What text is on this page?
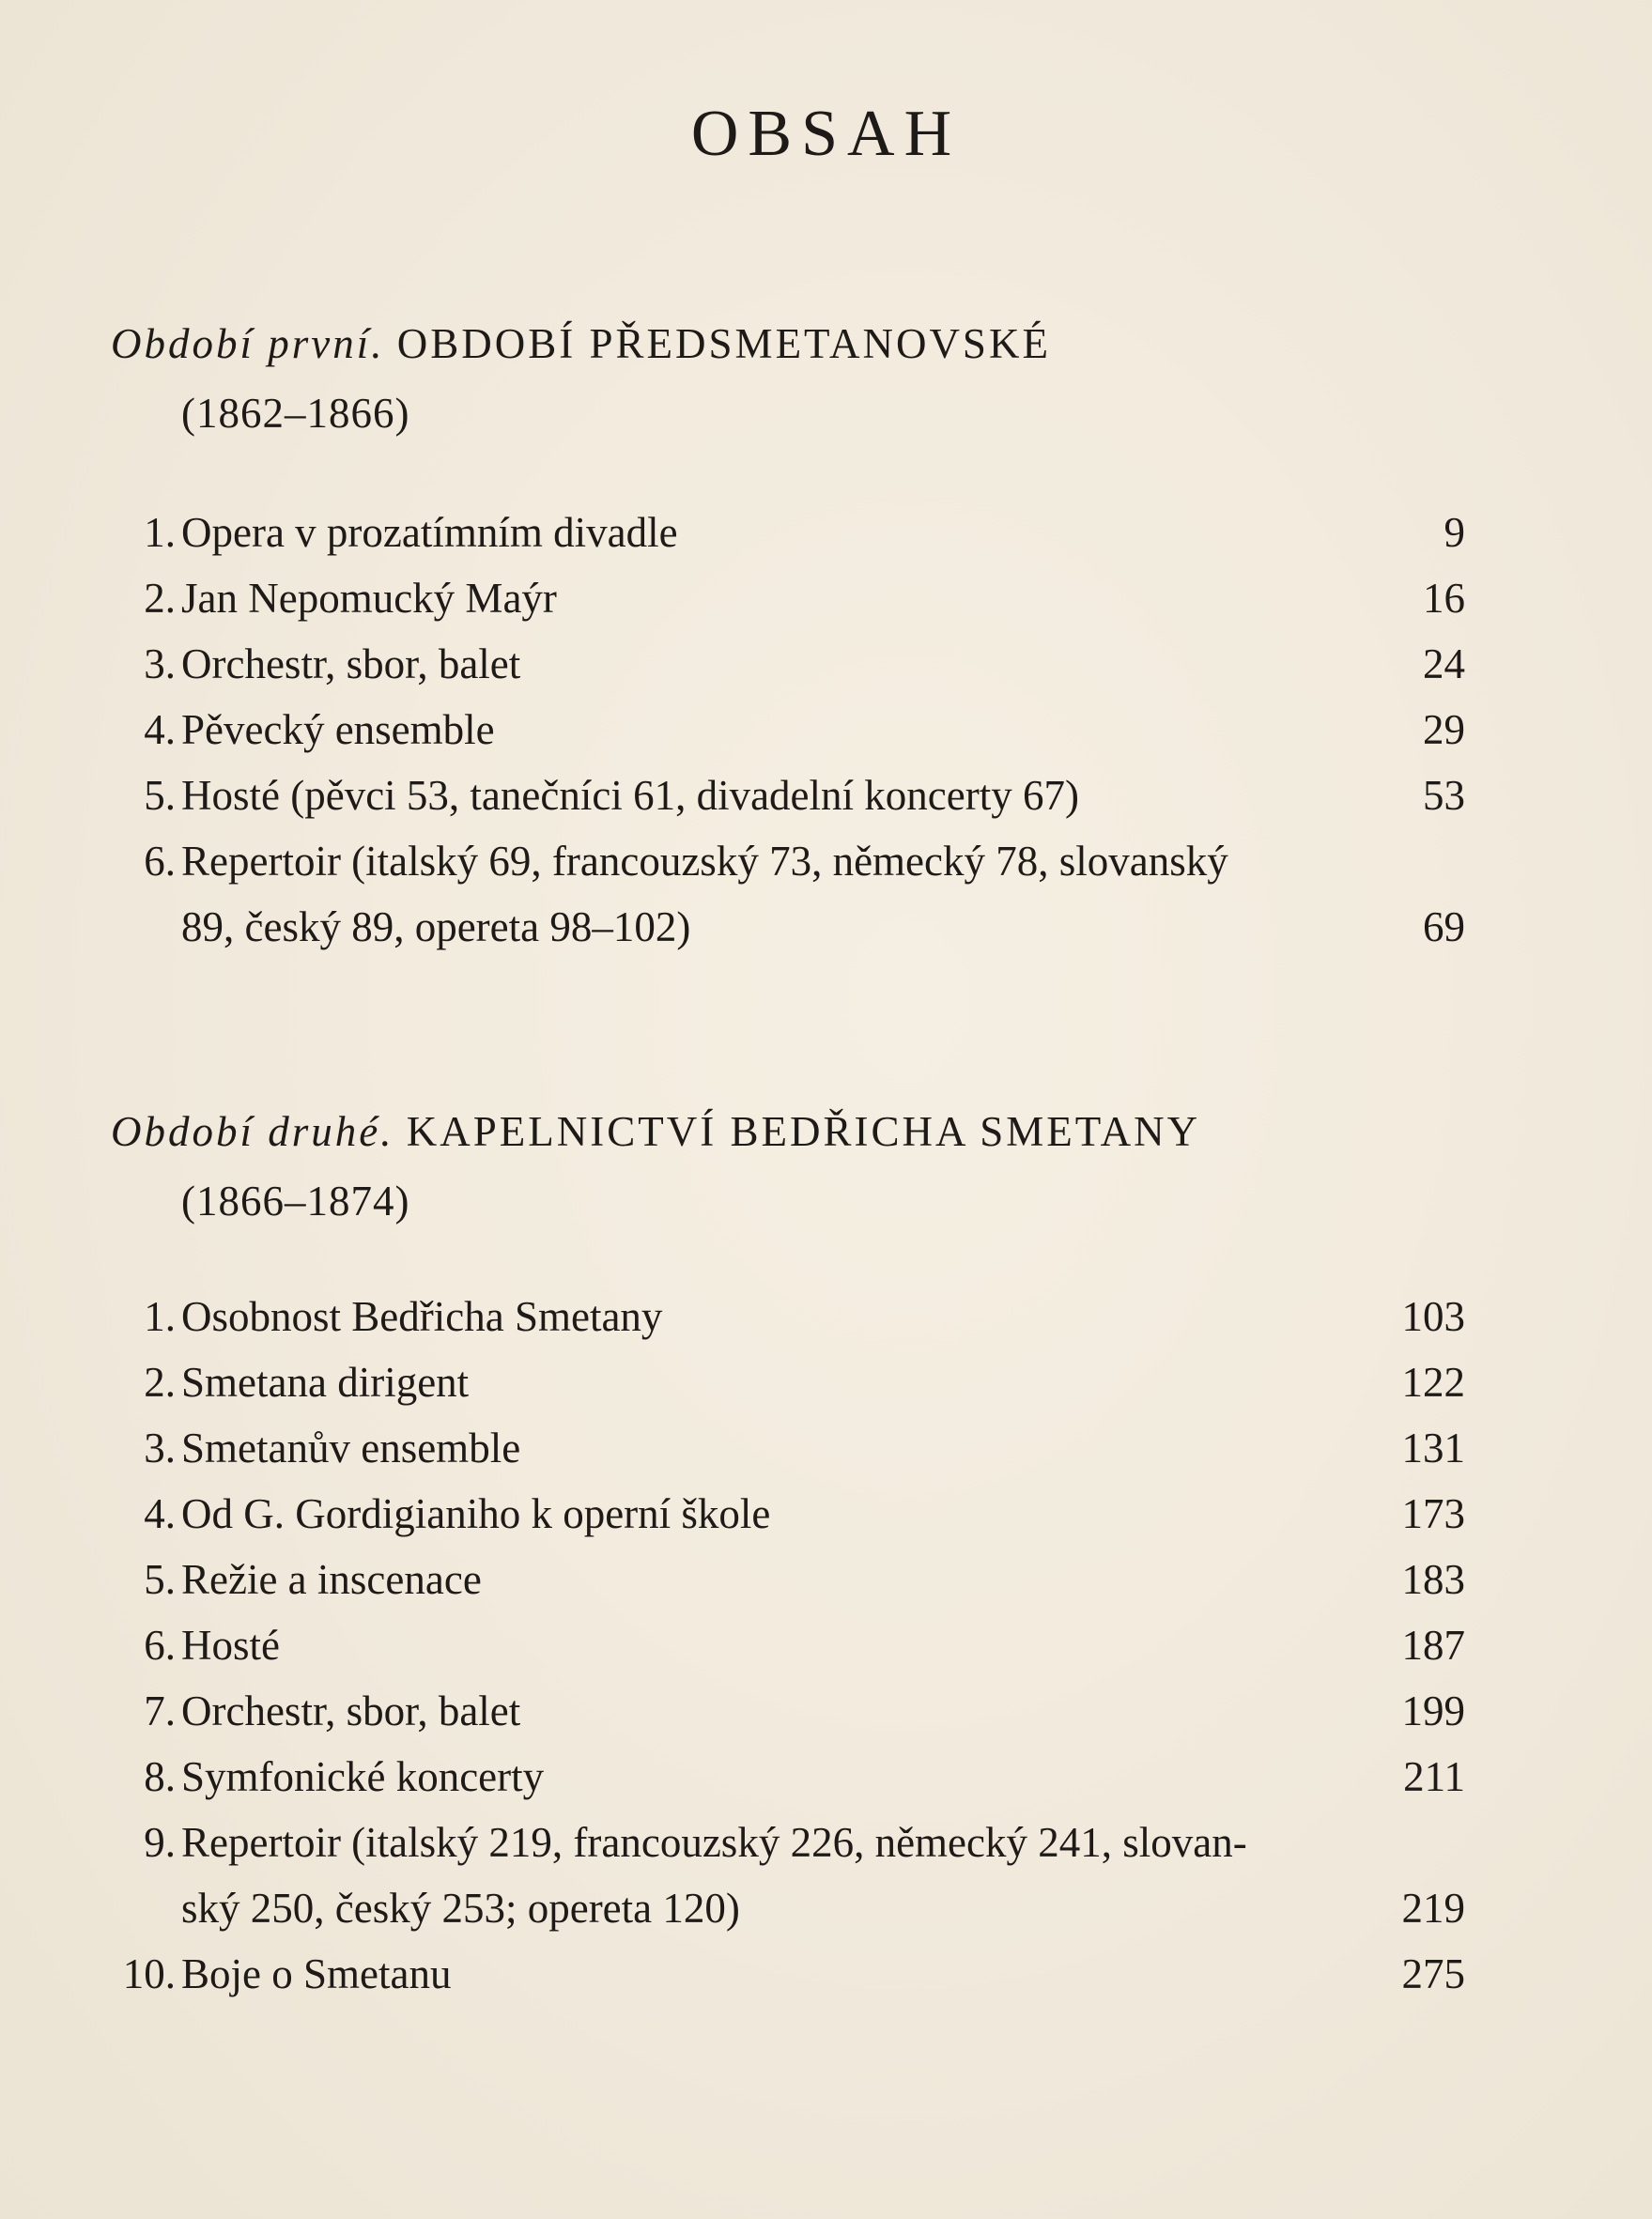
OBSAH
Období první. OBDOBÍ PŘEDSMETANOVSKÉ
(1862–1866)
1. Opera v prozatímním divadle	9
2. Jan Nepomucký Maýr	16
3. Orchestr, sbor, balet	24
4. Pěvecký ensemble	29
5. Hosté (pěvci 53, tanečníci 61, divadelní koncerty 67)	53
6. Repertoir (italský 69, francouzský 73, německý 78, slovanský
89, český 89, opereta 98–102)	69
Období druhé. KAPELNICTVÍ BEDŘICHA SMETANY
(1866–1874)
1. Osobnost Bedřicha Smetany	103
2. Smetana dirigent	122
3. Smetanův ensemble	131
4. Od G. Gordigianiho k operní škole	173
5. Režie a inscenace	183
6. Hosté	187
7. Orchestr, sbor, balet	199
8. Symfonické koncerty	211
9. Repertoir (italský 219, francouzský 226, německý 241, slovan-
ský 250, český 253; opereta 120)	219
10. Boje o Smetanu	275
